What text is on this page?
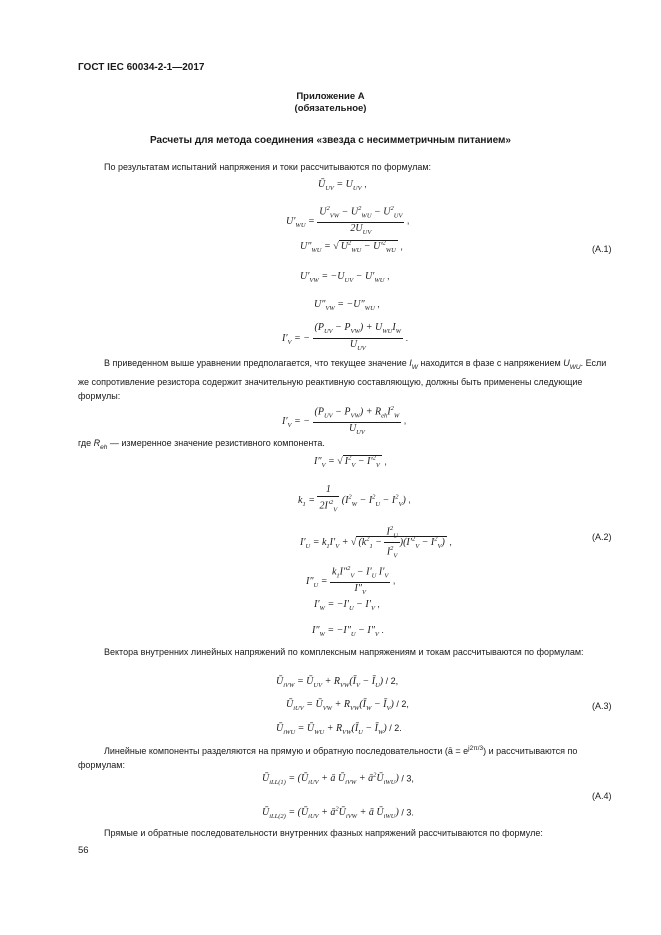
ГОСТ IEC 60034-2-1—2017
Приложение А
(обязательное)
Расчеты для метода соединения «звезда с несимметричным питанием»
По результатам испытаний напряжения и токи рассчитываются по формулам:
$Ū_{UV} = U_{UV}$ ,
$U'_{WU} = \frac{U^2_{VW} - U^2_{WU} - U^2_{UV}}{2U_{UV}}$ ,
$U''_{WU}$ = √ $U^2_{WU} - U'^2_{WU}$ ,	(А.1)
$U'_{VW} = -U_{UV} - U'_{WU}$ ,
$U''_{VW} = -U''_{WU}$ ,
$I'_V$ = − $\frac{(P_{UV} - P_{VW}) + U_{WU}I_W}{U_{UV}}$ .
В приведенном выше уравнении предполагается, что текущее значение $I_W$ находится в фазе с напряжением $U_{WU}$. Если же сопротивление резистора содержит значительную реактивную составляющую, должны быть применены следующие формулы:
$I'_V$ = − $\frac{(P_{UV} - P_{VW}) + R_{eh}I^2_W}{U_{UV}}$ ,
где $R_{eh}$ — измеренное значение резистивного компонента.
$I''_V$ = √ $I^2_V - I'^2_V$ ,
$k_1 = \frac{1}{2I'^2_V} (I^2_W - I^2_U - I^2_V)$ ,
$I'_U = k_1I'_V$ + √ $(k^2_1 - \frac{I^2_U}{I^2_V} )(I'^2_V - I^2_V)$ ,
(А.2)
$I''_U = \frac{k_1I''^2_V - I'_U I'_V}{I''_V}$ ,
$I'_W = -I'_U - I'_V$ ,
$I''_W = -I''_U - I''_V$ .
Вектора внутренних линейных напряжений по комплексным напряжениям и токам рассчитываются по формулам:
$Ū_{iVW}$ = $Ū_{UV}$ + $R_{VW}(Ī_V$ − $Ī_U) / 2$,
$Ū_{iUV}$ = $Ū_{VW}$ + $R_{VW}(Ī_W$ − $Ī_V) / 2$,	(А.3)
$Ū_{iWU}$ = $Ū_{WU}$ + $R_{VW}(Ī_U$ − $Ī_W) / 2$.
Линейные компоненты разделяются на прямую и обратную последовательности (ā = $e^{j2\pi/3}$) и рассчитываются по формулам:
$Ū_{iLL(1)}$ = ($Ū_{iUV}$ + ā $Ū_{iVW}$ + $ā^2Ū_{iWU}) / 3$,
(А.4)
$Ū_{iLL(2)}$ = ($Ū_{iUV}$ + $ā^2Ū_{iVW}$ + ā $Ū_{iWU}) / 3$.
Прямые и обратные последовательности внутренних фазных напряжений рассчитываются по формуле:
56
